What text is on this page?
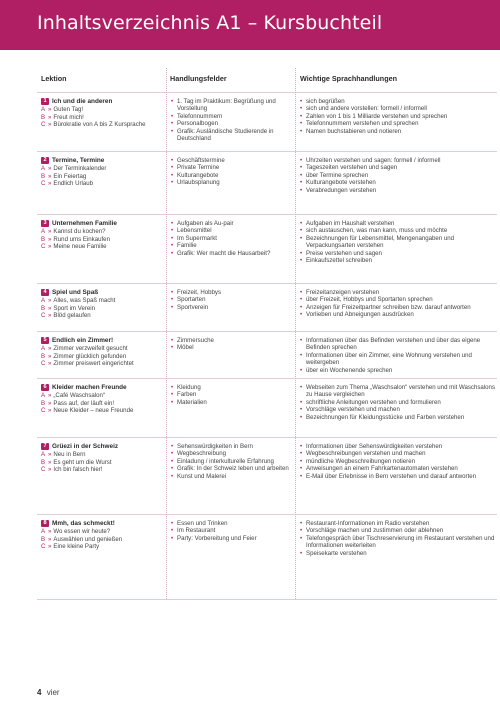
Inhaltsverzeichnis A1 – Kursbuchteil
Lektion	Handlungsfelder	Wichtige Sprachhandlungen
1 Ich und die anderen
A » Guten Tag!
B » Freut mich!
C » Bürokratie von A bis Z Kursprache
• 1. Tag im Praktikum: Begrüßung und Vorstellung
• Telefonnummern
• Personalbogen
• Grafik: Ausländische Studierende in Deutschland
• sich begrüßen
• sich und andere vorstellen: formell / informell
• Zahlen von 1 bis 1 Milliarde verstehen und sprechen
• Telefonnummern verstehen und sprechen
• Namen buchstabieren und notieren
2 Termine, Termine
A » Der Terminkalender
B » Ein Feiertag
C » Endlich Urlaub
• Geschäftstermine
• Private Termine
• Kulturangebote
• Urlaubsplanung
• Uhrzeiten verstehen und sagen: formell / informell
• Tageszeiten verstehen und sagen
• über Termine sprechen
• Kulturangebote verstehen
• Verabredungen verstehen
3 Unternehmen Familie
A » Kannst du kochen?
B » Rund ums Einkaufen
C » Meine neue Familie
• Aufgaben als Au-pair
• Lebensmittel
• Im Supermarkt
• Familie
• Grafik: Wer macht die Hausarbeit?
• Aufgaben im Haushalt verstehen
• sich austauschen, was man kann, muss und möchte
• Bezeichnungen für Lebensmittel, Mengenangaben und Verpackungsarten verstehen
• Preise verstehen und sagen
• Einkaufszettel schreiben
4 Spiel und Spaß
A » Alles, was Spaß macht
B » Sport im Verein
C » Blöd gelaufen
• Freizeit, Hobbys
• Sportarten
• Sportverein
• Freizeitanzeigen verstehen
• über Freizeit, Hobbys und Sportarten sprechen
• Anzeigen für Freizeitpartner schreiben bzw. darauf antworten
• Vorlieben und Abneigungen ausdrücken
5 Endlich ein Zimmer!
A » Zimmer verzweifelt gesucht
B » Zimmer glücklich gefunden
C » Zimmer preiswert eingerichtet
• Zimmersuche
• Möbel
• Informationen über das Befinden verstehen und über das eigene Befinden sprechen
• Informationen über ein Zimmer, eine Wohnung verstehen und weitergeben
• über ein Wochenende sprechen
6 Kleider machen Freunde
A » „Café Waschsalon“
B » Pass auf, der läuft ein!
C » Neue Kleider – neue Freunde
• Kleidung
• Farben
• Materialien
• Webseiten zum Thema „Waschsalon“ verstehen und mit Waschsalons zu Hause vergleichen
• schriftliche Anleitungen verstehen und formulieren
• Vorschläge verstehen und machen
• Bezeichnungen für Kleidungsstücke und Farben verstehen
7 Grüezi in der Schweiz
A » Neu in Bern
B » Es geht um die Wurst
C » Ich bin falsch hier!
• Sehenswürdigkeiten in Bern
• Wegbeschreibung
• Einladung / interkulturelle Erfahrung
• Grafik: In der Schweiz leben und arbeiten
• Kunst und Malerei
• Informationen über Sehenswürdigkeiten verstehen
• Wegbeschreibungen verstehen und machen
• mündliche Wegbeschreibungen notieren
• Anweisungen an einem Fahrkartenautomaten verstehen
• E-Mail über Erlebnisse in Bern verstehen und darauf antworten
8 Mmh, das schmeckt!
A » Wo essen wir heute?
B » Auswählen und genießen
C » Eine kleine Party
• Essen und Trinken
• Im Restaurant
• Party: Vorbereitung und Feier
• Restaurant-Informationen im Radio verstehen
• Vorschläge machen und zustimmen oder ablehnen
• Telefongespräch über Tischreservierung im Restaurant verstehen und Informationen weiterleiten
• Speisekarte verstehen
4 vier
